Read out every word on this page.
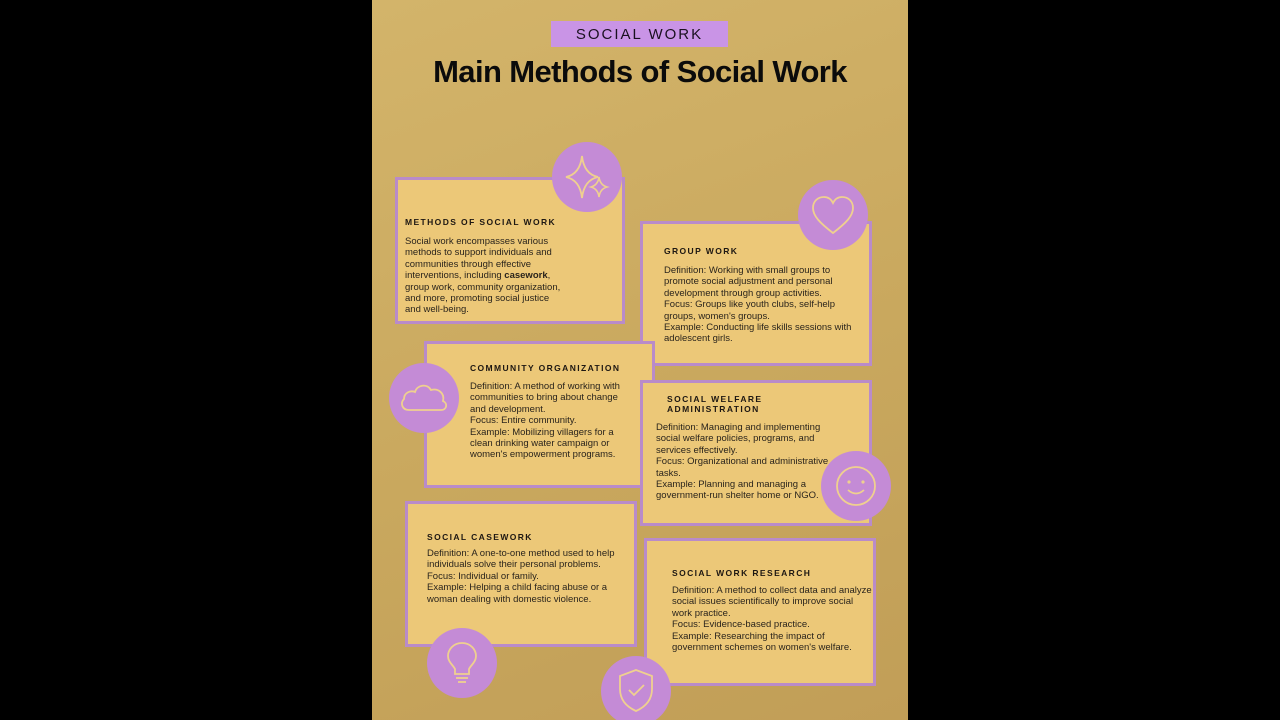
SOCIAL WORK
Main Methods of Social Work
METHODS OF SOCIAL WORK

Social work encompasses various methods to support individuals and communities through effective interventions, including casework, group work, community organization, and more, promoting social justice and well-being.

GROUP WORK

Definition: Working with small groups to promote social adjustment and personal development through group activities.
Focus: Groups like youth clubs, self-help groups, women's groups.
Example: Conducting life skills sessions with adolescent girls.

COMMUNITY ORGANIZATION

Definition: A method of working with communities to bring about change and development.
Focus: Entire community.
Example: Mobilizing villagers for a clean drinking water campaign or women's empowerment programs.

SOCIAL WELFARE
ADMINISTRATION

Definition: Managing and implementing social welfare policies, programs, and services effectively.
Focus: Organizational and administrative tasks.
Example: Planning and managing a government-run shelter home or NGO.

SOCIAL CASEWORK

Definition: A one-to-one method used to help individuals solve their personal problems.
Focus: Individual or family.
Example: Helping a child facing abuse or a woman dealing with domestic violence.

SOCIAL WORK RESEARCH

Definition: A method to collect data and analyze social issues scientifically to improve social work practice.
Focus: Evidence-based practice.
Example: Researching the impact of government schemes on women's welfare.
